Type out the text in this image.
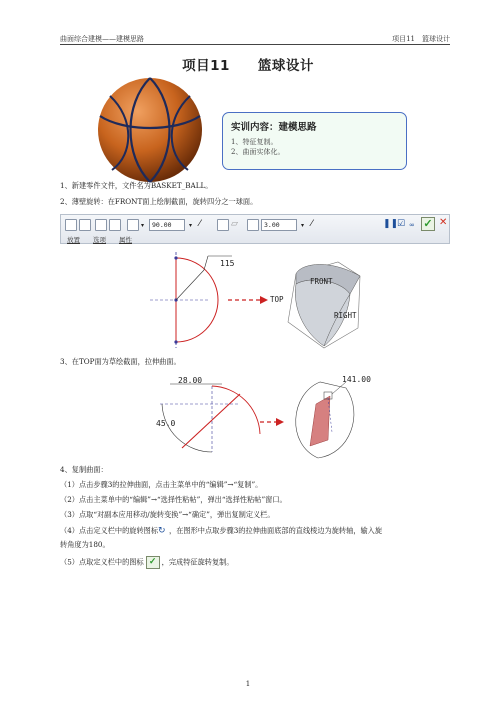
曲面综合建模——建模思路	项目11　篮球设计
项目11　　篮球设计
实训内容：建模思路
1、特征复制。
2、曲面实体化。
1、新建零件文件，文件名为BASKET_BALL。
2、薄壁旋转：在FRONT面上绘制截面，旋转四分之一球面。
▾	90.00	▾ ⁄	▱	3.00	▾ ⁄	❚❚
☑ ∞ ✓ ✕
放置 选项 属性
115
FRONT
TOP
RIGHT
3、在TOP面为草绘截面，拉伸曲面。
28.00
45.0
141.00
4、复制曲面：
（1）点击步骤3的拉伸曲面，点击主菜单中的“编辑”→“复制”。
（2）点击主菜单中的“编辑”→“选择性粘帖”，弹出“选择性粘帖”窗口。
（3）点取“对副本应用移动/旋转变换”→“确定”，弹出复制定义栏。
（4）点击定义栏中的旋转图标↻ ，在图形中点取步骤3的拉伸曲面底部的直线棱边为旋转轴，输入旋
转角度为180。
（5）点取定义栏中的图标 ✓ ，完成特征旋转复制。
1
